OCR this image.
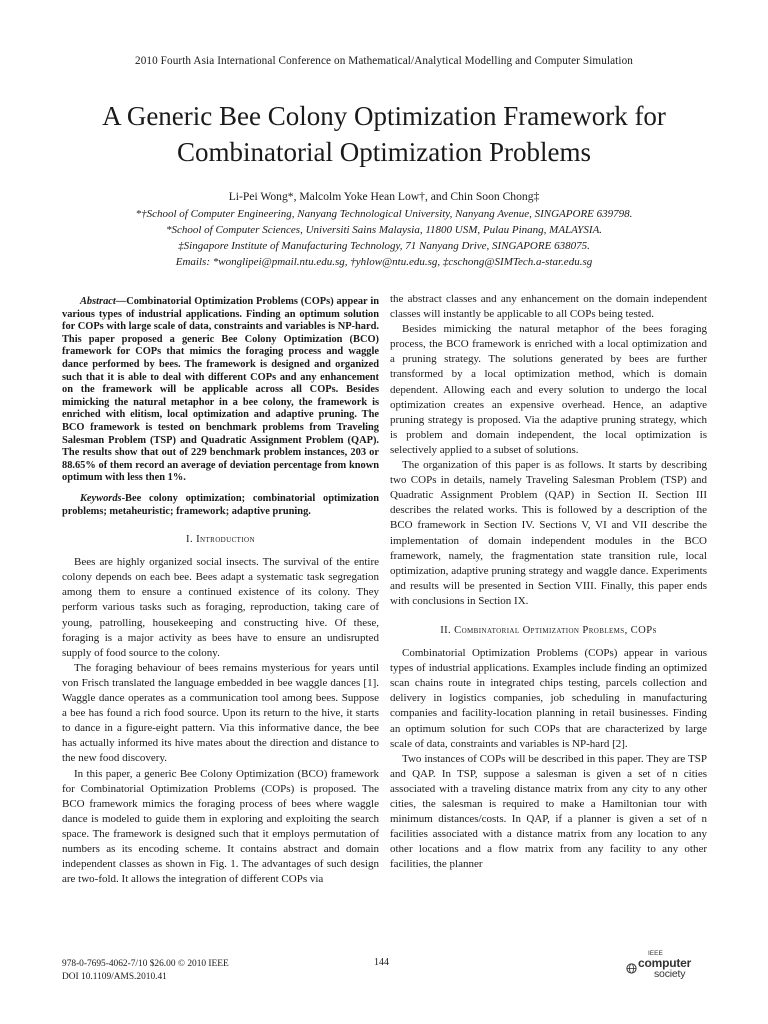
2010 Fourth Asia International Conference on Mathematical/Analytical Modelling and Computer Simulation
A Generic Bee Colony Optimization Framework for
Combinatorial Optimization Problems
Li-Pei Wong*, Malcolm Yoke Hean Low†, and Chin Soon Chong‡
*†School of Computer Engineering, Nanyang Technological University, Nanyang Avenue, SINGAPORE 639798.
*School of Computer Sciences, Universiti Sains Malaysia, 11800 USM, Pulau Pinang, MALAYSIA.
‡Singapore Institute of Manufacturing Technology, 71 Nanyang Drive, SINGAPORE 638075.
Emails: *wonglipei@pmail.ntu.edu.sg, †yhlow@ntu.edu.sg, ‡cschong@SIMTech.a-star.edu.sg

Abstract—Combinatorial Optimization Problems (COPs) appear in various types of industrial applications. Finding an optimum solution for COPs with large scale of data, constraints and variables is NP-hard. This paper proposed a generic Bee Colony Optimization (BCO) framework for COPs that mimics the foraging process and waggle dance performed by bees. The framework is designed and organized such that it is able to deal with different COPs and any enhancement on the framework will be applicable across all COPs. Besides mimicking the natural metaphor in a bee colony, the framework is enriched with elitism, local optimization and adaptive pruning. The BCO framework is tested on benchmark problems from Traveling Salesman Problem (TSP) and Quadratic Assignment Problem (QAP). The results show that out of 229 benchmark problem instances, 203 or 88.65% of them record an average of deviation percentage from known optimum with less then 1%.

Keywords-Bee colony optimization; combinatorial optimization problems; metaheuristic; framework; adaptive pruning.

I. Introduction

Bees are highly organized social insects. The survival of the entire colony depends on each bee. Bees adapt a systematic task segregation among them to ensure a continued existence of its colony. They perform various tasks such as foraging, reproduction, taking care of young, patrolling, housekeeping and constructing hive. Of these, foraging is a major activity as bees have to ensure an undisrupted supply of food source to the colony.

The foraging behaviour of bees remains mysterious for years until von Frisch translated the language embedded in bee waggle dances [1]. Waggle dance operates as a communication tool among bees. Suppose a bee has found a rich food source. Upon its return to the hive, it starts to dance in a figure-eight pattern. Via this informative dance, the bee has actually informed its hive mates about the direction and distance to the new food discovery.

In this paper, a generic Bee Colony Optimization (BCO) framework for Combinatorial Optimization Problems (COPs) is proposed. The BCO framework mimics the foraging process of bees where waggle dance is modeled to guide them in exploring and exploiting the search space. The framework is designed such that it employs permutation of numbers as its encoding scheme. It contains abstract and domain independent classes as shown in Fig. 1. The advantages of such design are two-fold. It allows the integration of different COPs via

the abstract classes and any enhancement on the domain independent classes will instantly be applicable to all COPs being tested.

Besides mimicking the natural metaphor of the bees foraging process, the BCO framework is enriched with a local optimization and a pruning strategy. The solutions generated by bees are further transformed by a local optimization method, which is domain dependent. Allowing each and every solution to undergo the local optimization creates an expensive overhead. Hence, an adaptive pruning strategy is proposed. Via the adaptive pruning strategy, which is problem and domain independent, the local optimization is selectively applied to a subset of solutions.

The organization of this paper is as follows. It starts by describing two COPs in details, namely Traveling Salesman Problem (TSP) and Quadratic Assignment Problem (QAP) in Section II. Section III describes the related works. This is followed by a description of the BCO framework in Section IV. Sections V, VI and VII describe the implementation of domain independent modules in the BCO framework, namely, the fragmentation state transition rule, local optimization, adaptive pruning strategy and waggle dance. Experiments and results will be presented in Section VIII. Finally, this paper ends with conclusions in Section IX.

II. Combinatorial Optimization Problems, COPs

Combinatorial Optimization Problems (COPs) appear in various types of industrial applications. Examples include finding an optimized scan chains route in integrated chips testing, parcels collection and delivery in logistics companies, job scheduling in manufacturing companies and facility-location planning in retail businesses. Finding an optimum solution for such COPs that are characterized by large scale of data, constraints and variables is NP-hard [2].

Two instances of COPs will be described in this paper. They are TSP and QAP. In TSP, suppose a salesman is given a set of n cities associated with a traveling distance matrix from any city to any other cities, the salesman is required to make a Hamiltonian tour with minimum distances/costs. In QAP, if a planner is given a set of n facilities associated with a distance matrix from any location to any other locations and a flow matrix from any facility to any other facilities, the planner

978-0-7695-4062-7/10 $26.00 © 2010 IEEE
DOI 10.1109/AMS.2010.41
144
IEEE
computer
society
